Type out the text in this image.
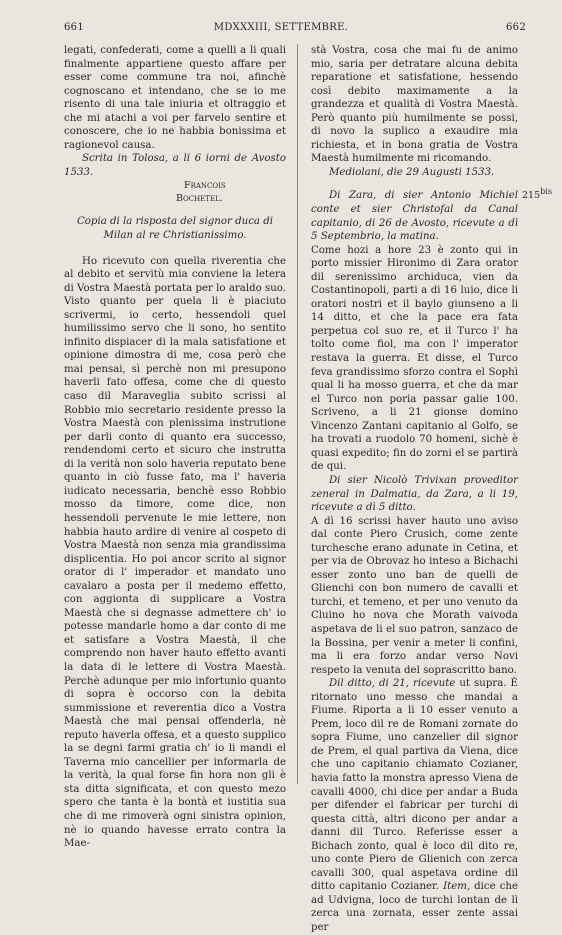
661	MDXXXIII, SETTEMBRE.	662

legati, confederati, come a quelli a li quali finalmente appartiene questo affare per esser come commune tra noi, afinchè cognoscano et intendano, che se io me risento di una tale iniuria et oltraggio et che mi atachi a voi per farvelo sentire et conoscere, che io ne habbia bonissima et ragionevol causa.

Scrita in Tolosa, a li 6 iorni de Avosto 1533.

Francois

Bochetel.

Copia di la risposta del signor duca di Milan al re Christianissimo.

Ho ricevuto con quella riverentia che al debito et servitù mia conviene la letera di Vostra Maestà portata per lo araldo suo. Visto quanto per quela li è piaciuto scrivermi, io certo, hessendoli quel humilissimo servo che li sono, ho sentito infinito dispiacer di la mala satisfatione et opinione dimostra di me, cosa però che mai pensai, sì perchè non mi presupono haverli fato offesa, come che di questo caso dil Maraveglia subito scrissi al Robbio mio secretario residente presso la Vostra Maestà con plenissima instrutione per darli conto di quanto era successo, rendendomi certo et sicuro che instrutta di la verità non solo haveria reputato bene quanto in ciò fusse fato, ma l' haveria iudicato necessaria, benchè esso Robbio mosso da timore, come dice, non hessendoli pervenute le mie lettere, non habbia hauto ardire di venire al cospeto di Vostra Maestà non senza mia grandissima displicentia. Ho poi ancor scrito al signor orator di l' imperador et mandato uno cavalaro a posta per il medemo effetto, con aggionta di supplicare a Vostra Maestà che si degnasse admettere ch' io potesse mandarle homo a dar conto di me et satisfare a Vostra Maestà, il che comprendo non haver hauto effetto avanti la data di le lettere di Vostra Maestà. Perchè adunque per mio infortunio quanto di sopra è occorso con la debita summissione et reverentia dico a Vostra Maestà che mai pensai offenderla, nè reputo haverla offesa, et a questo supplico la se degni farmi gratia ch' io li mandi el Taverna mio cancellier per informarla de la verità, la qual forse fin hora non gli è sta ditta significata, et con questo mezo spero che tanta è la bontà et iustitia sua che di me rimoverà ogni sinistra opinion, nè io quando havesse errato contra la Mae-

stà Vostra, cosa che mai fu de animo mio, saria per detratare alcuna debita reparatione et satisfatione, hessendo così debito maximamente a la grandezza et qualità di Vostra Maestà. Però quanto più humilmente se possi, di novo la suplico a exaudire mia richiesta, et in bona gratia de Vostra Maestà humilmente mi ricomando.

Mediolani, die 29 Augusti 1533.

Di Zara, di sier Antonio Michiel conte et sier Christofal da Canal capitanio, di 26 de Avosto, ricevute a dì 5 Septembrio, la matina.

Come hozi a hore 23 è zonto qui in porto missier Hironimo di Zara orator dil serenissimo archiduca, vien da Costantinopoli, parti a di 16 luio, dice li oratori nostri et il baylo giunseno a li 14 ditto, et che la pace era fata perpetua col suo re, et il Turco l' ha tolto come fiol, ma con l' imperator restava la guerra. Et disse, el Turco feva grandissimo sforzo contra el Sophì qual li ha mosso guerra, et che da mar el Turco non poria passar galie 100. Scriveno, a li 21 gionse domino Vincenzo Zantani capitanio al Golfo, se ha trovati a ruodolo 70 homeni, sichè è quasi expedito; fin do zorni el se partirà de qui.

Di sier Nicolò Trivixan proveditor zeneral in Dalmatia, da Zara, a li 19, ricevute a dì 5 ditto.

A dì 16 scrissi haver hauto uno aviso dal conte Piero Crusich, come zente turchesche erano adunate in Cetina, et per via de Obrovaz ho inteso a Bichachi esser zonto uno ban de quelli de Glienchi con bon numero de cavalli et turchi, et temeno, et per uno venuto da Cluino ho nova che Morath vaivoda aspetava de li el suo patron, sanzaco de la Bossina, per venir a meter li confini, ma li era forzo andar verso Novi respeto la venuta del soprascritto bano.

Dil ditto, di 21, ricevute ut supra. È ritornato uno messo che mandai a Fiume. Riporta a li 10 esser venuto a Prem, loco dil re de Romani zornate do sopra Fiume, uno canzelier dil signor de Prem, el qual partiva da Viena, dice che uno capitanio chiamato Cozianer, havia fatto la monstra apresso Viena de cavalli 4000, chi dice per andar a Buda per difender el fabricar per turchi di questa città, altri dicono per andar a danni dil Turco. Referisse esser a Bichach zonto, qual è loco dil dito re, uno conte Piero de Glienich con zerca cavalli 300, qual aspetava ordine dil ditto capitanio Cozianer. Item, dice che ad Udvigna, loco de turchi lontan de lì zerca una zornata, esser zente assai per

$215^{bis}$
